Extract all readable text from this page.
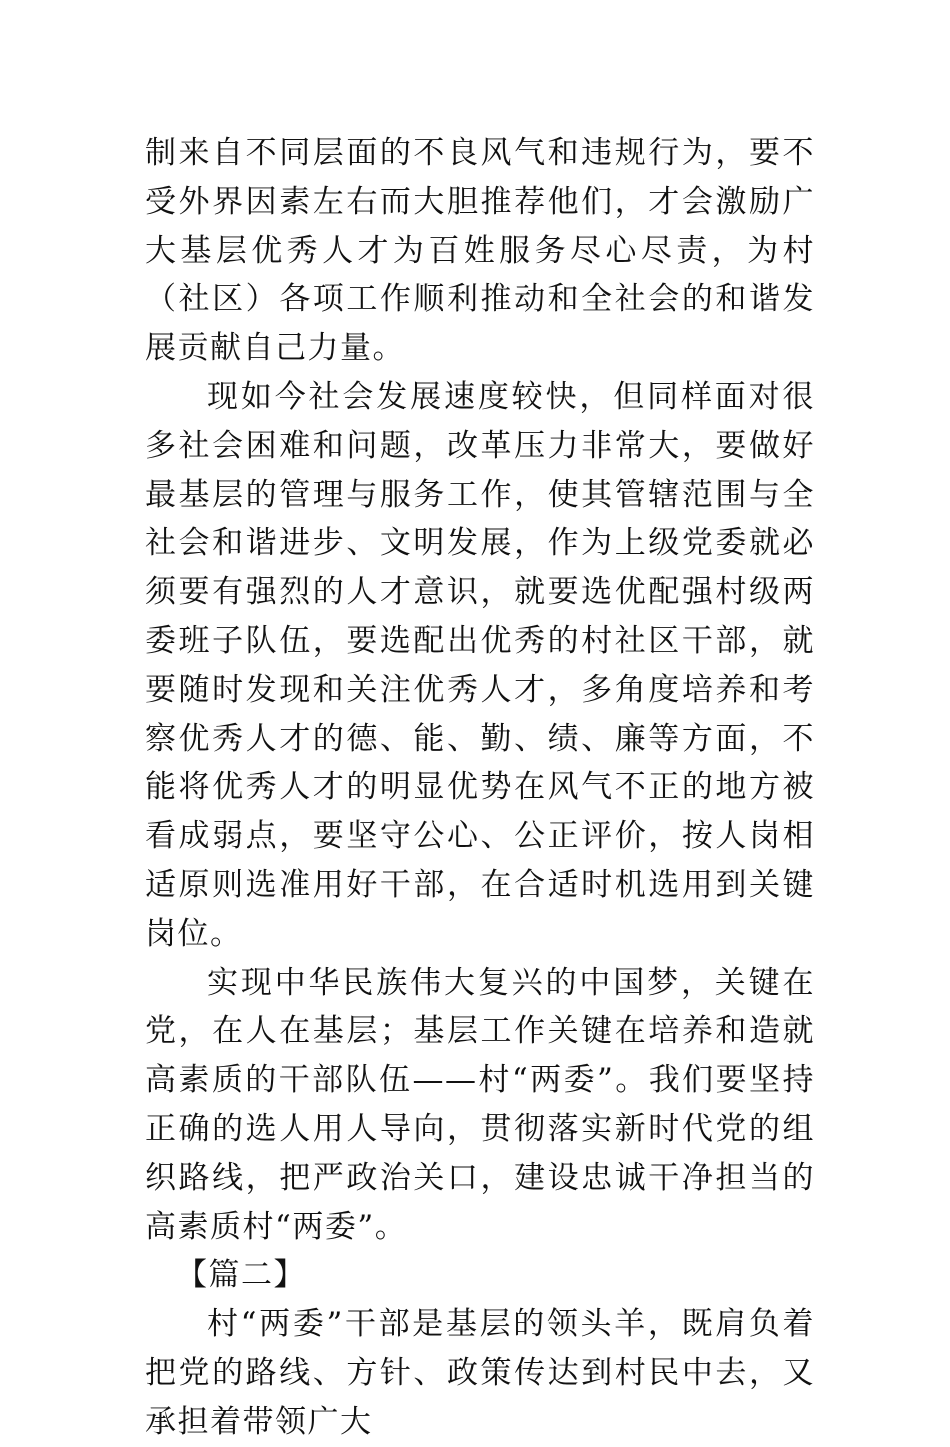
制来自不同层面的不良风气和违规行为，要不受外界因素左右而大胆推荐他们，才会激励广大基层优秀人才为百姓服务尽心尽责，为村（社区）各项工作顺利推动和全社会的和谐发展贡献自己力量。

现如今社会发展速度较快，但同样面对很多社会困难和问题，改革压力非常大，要做好最基层的管理与服务工作，使其管辖范围与全社会和谐进步、文明发展，作为上级党委就必须要有强烈的人才意识，就要选优配强村级两委班子队伍，要选配出优秀的村社区干部，就要随时发现和关注优秀人才，多角度培养和考察优秀人才的德、能、勤、绩、廉等方面，不能将优秀人才的明显优势在风气不正的地方被看成弱点，要坚守公心、公正评价，按人岗相适原则选准用好干部，在合适时机选用到关键岗位。

实现中华民族伟大复兴的中国梦，关键在党，在人在基层；基层工作关键在培养和造就高素质的干部队伍——村“两委”。我们要坚持正确的选人用人导向，贯彻落实新时代党的组织路线，把严政治关口，建设忠诚干净担当的高素质村“两委”。

【篇二】

村“两委”干部是基层的领头羊，既肩负着把党的路线、方针、政策传达到村民中去，又承担着带领广大
